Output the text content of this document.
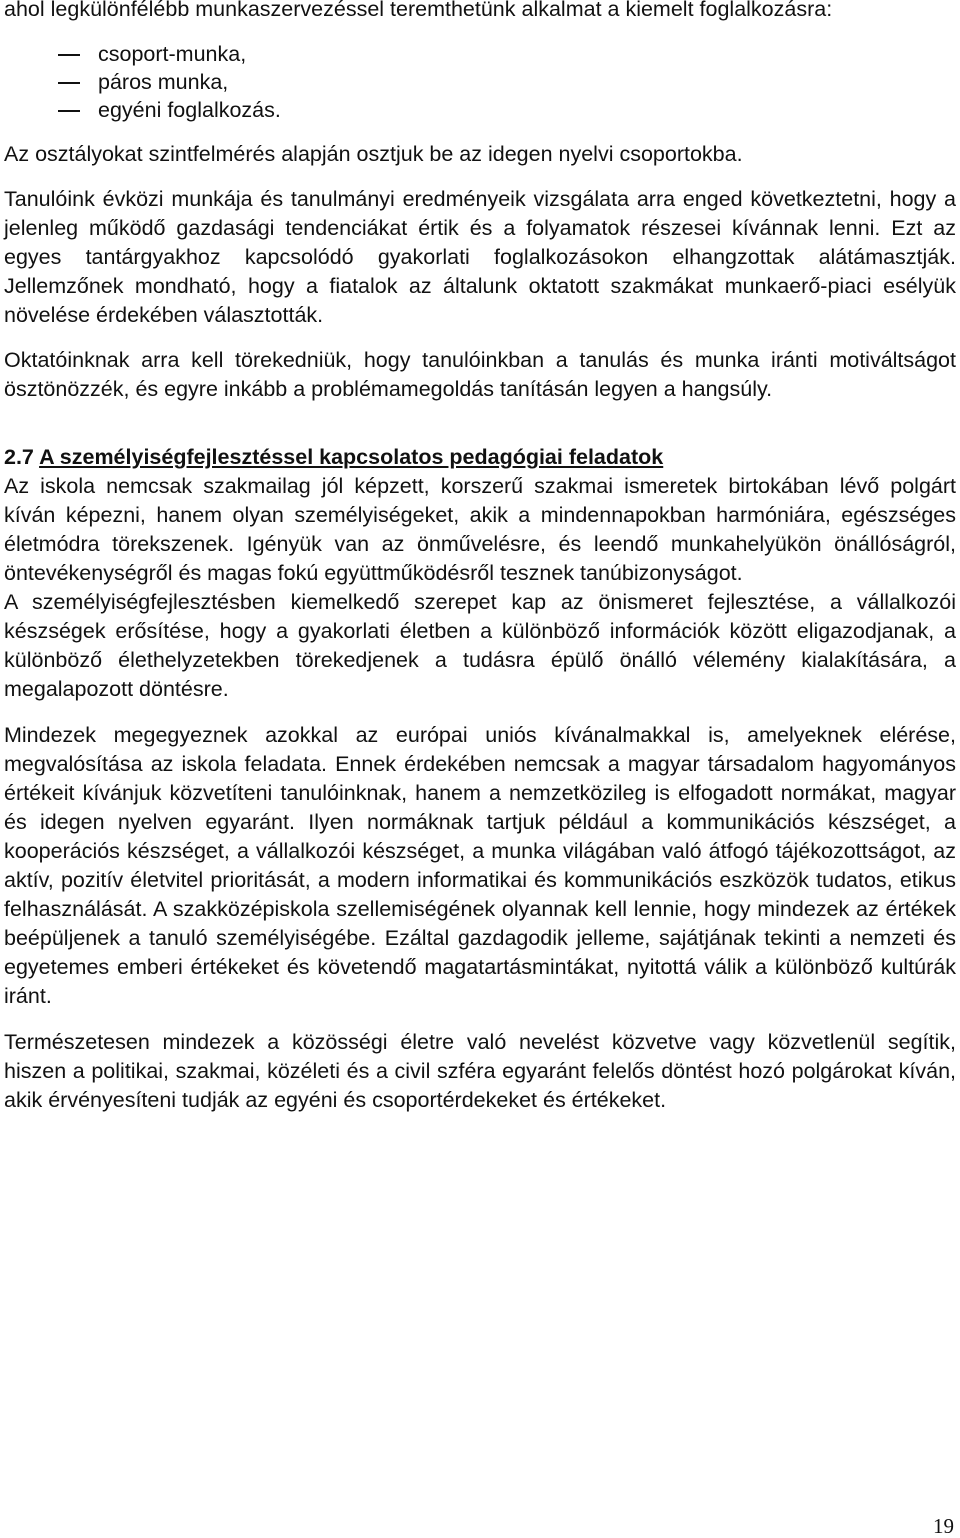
ahol legkülönfélébb munkaszervezéssel teremthetünk alkalmat a kiemelt foglalkozásra:

csoport-munka,
páros munka,
egyéni foglalkozás.

Az osztályokat szintfelmérés alapján osztjuk be az idegen nyelvi csoportokba.

Tanulóink évközi munkája és tanulmányi eredményeik vizsgálata arra enged következtetni, hogy a jelenleg működő gazdasági tendenciákat értik és a folyamatok részesei kívánnak lenni. Ezt az egyes tantárgyakhoz kapcsolódó gyakorlati foglalkozásokon elhangzottak alátámasztják. Jellemzőnek mondható, hogy a fiatalok az általunk oktatott szakmákat munkaerő-piaci esélyük növelése érdekében választották.

Oktatóinknak arra kell törekedniük, hogy tanulóinkban a tanulás és munka iránti motiváltságot ösztönözzék, és egyre inkább a problémamegoldás tanításán legyen a hangsúly.

2.7 A személyiségfejlesztéssel kapcsolatos pedagógiai feladatok

Az iskola nemcsak szakmailag jól képzett, korszerű szakmai ismeretek birtokában lévő polgárt kíván képezni, hanem olyan személyiségeket, akik a mindennapokban harmóniára, egészséges életmódra törekszenek. Igényük van az önművelésre, és leendő munkahelyükön önállóságról, öntevékenységről és magas fokú együttműködésről tesznek tanúbizonyságot.

A személyiségfejlesztésben kiemelkedő szerepet kap az önismeret fejlesztése, a vállalkozói készségek erősítése, hogy a gyakorlati életben a különböző információk között eligazodjanak, a különböző élethelyzetekben törekedjenek a tudásra épülő önálló vélemény kialakítására, a megalapozott döntésre.

Mindezek megegyeznek azokkal az európai uniós kívánalmakkal is, amelyeknek elérése, megvalósítása az iskola feladata. Ennek érdekében nemcsak a magyar társadalom hagyományos értékeit kívánjuk közvetíteni tanulóinknak, hanem a nemzetközileg is elfogadott normákat, magyar és idegen nyelven egyaránt. Ilyen normáknak tartjuk például a kommunikációs készséget, a kooperációs készséget, a vállalkozói készséget, a munka világában való átfogó tájékozottságot, az aktív, pozitív életvitel prioritását, a modern informatikai és kommunikációs eszközök tudatos, etikus felhasználását. A szakközépiskola szellemiségének olyannak kell lennie, hogy mindezek az értékek beépüljenek a tanuló személyiségébe. Ezáltal gazdagodik jelleme, sajátjának tekinti a nemzeti és egyetemes emberi értékeket és követendő magatartásmintákat, nyitottá válik a különböző kultúrák iránt.

Természetesen mindezek a közösségi életre való nevelést közvetve vagy közvetlenül segítik, hiszen a politikai, szakmai, közéleti és a civil szféra egyaránt felelős döntést hozó polgárokat kíván, akik érvényesíteni tudják az egyéni és csoportérdekeket és értékeket.

19
